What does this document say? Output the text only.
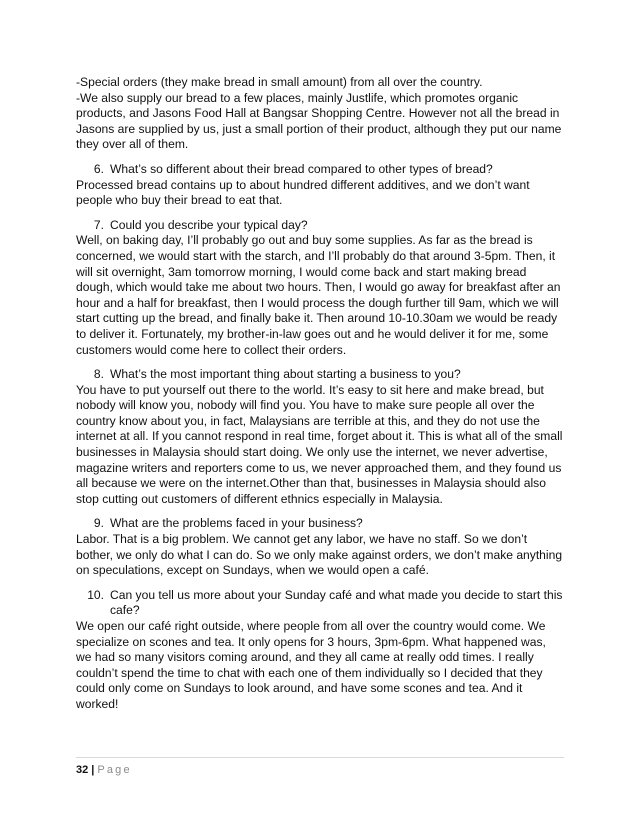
-Special orders (they make bread in small amount) from all over the country.

-We also supply our bread to a few places, mainly Justlife, which promotes organic products, and Jasons Food Hall at Bangsar Shopping Centre. However not all the bread in Jasons are supplied by us, just a small portion of their product, although they put our name they over all of them.

6. What’s so different about their bread compared to other types of bread?

Processed bread contains up to about hundred different additives, and we don’t want people who buy their bread to eat that.

7. Could you describe your typical day?

Well, on baking day, I’ll probably go out and buy some supplies. As far as the bread is concerned, we would start with the starch, and I’ll probably do that around 3-5pm. Then, it will sit overnight, 3am tomorrow morning, I would come back and start making bread dough, which would take me about two hours. Then, I would go away for breakfast after an hour and a half for breakfast, then I would process the dough further till 9am, which we will start cutting up the bread, and finally bake it. Then around 10-10.30am we would be ready to deliver it. Fortunately, my brother-in-law goes out and he would deliver it for me, some customers would come here to collect their orders.

8. What’s the most important thing about starting a business to you?

You have to put yourself out there to the world. It’s easy to sit here and make bread, but nobody will know you, nobody will find you. You have to make sure people all over the country know about you, in fact, Malaysians are terrible at this, and they do not use the internet at all. If you cannot respond in real time, forget about it. This is what all of the small businesses in Malaysia should start doing. We only use the internet, we never advertise, magazine writers and reporters come to us, we never approached them, and they found us all because we were on the internet.Other than that, businesses in Malaysia should also stop cutting out customers of different ethnics especially in Malaysia.

9. What are the problems faced in your business?

Labor. That is a big problem. We cannot get any labor, we have no staff. So we don’t bother, we only do what I can do. So we only make against orders, we don’t make anything on speculations, except on Sundays, when we would open a café.

10. Can you tell us more about your Sunday café and what made you decide to start this cafe?

We open our café right outside, where people from all over the country would come. We specialize on scones and tea. It only opens for 3 hours, 3pm-6pm. What happened was, we had so many visitors coming around, and they all came at really odd times. I really couldn’t spend the time to chat with each one of them individually so I decided that they could only come on Sundays to look around, and have some scones and tea. And it worked!

32 | Page
